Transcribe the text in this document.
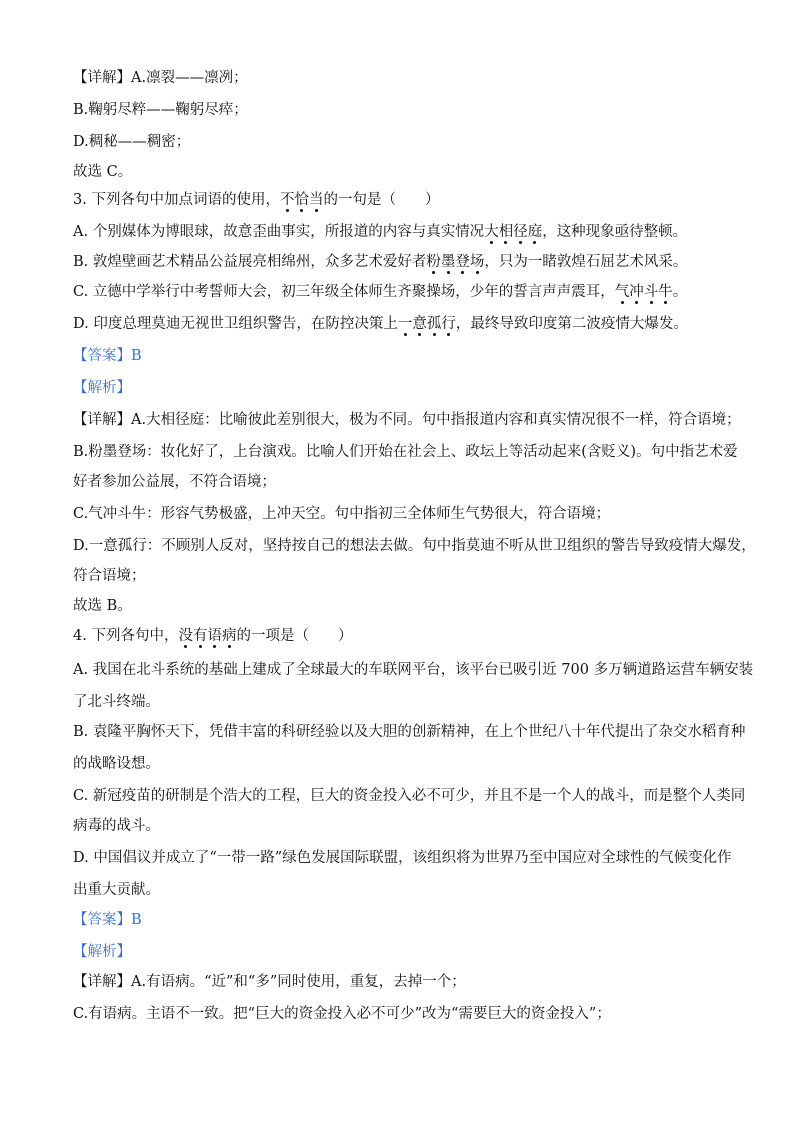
【详解】A.凛裂——凛冽；
B.鞠躬尽粹——鞠躬尽瘁；
D.稠秘——稠密；
故选 C。
3. 下列各句中加点词语的使用，不恰当的一句是（　　）
A. 个别媒体为博眼球，故意歪曲事实，所报道的内容与真实情况大相径庭，这种现象亟待整顿。
B. 敦煌壁画艺术精品公益展亮相绵州，众多艺术爱好者粉墨登场，只为一睹敦煌石屈艺术风采。
C. 立德中学举行中考誓师大会，初三年级全体师生齐聚操场，少年的誓言声声震耳，气冲斗牛。
D. 印度总理莫迪无视世卫组织警告，在防控决策上一意孤行，最终导致印度第二波疫情大爆发。
【答案】B
【解析】
【详解】A.大相径庭：比喻彼此差别很大，极为不同。句中指报道内容和真实情况很不一样，符合语境；
B.粉墨登场：妆化好了，上台演戏。比喻人们开始在社会上、政坛上等活动起来(含贬义)。句中指艺术爱
好者参加公益展，不符合语境；
C.气冲斗牛：形容气势极盛，上冲天空。句中指初三全体师生气势很大，符合语境；
D.一意孤行：不顾别人反对，坚持按自己的想法去做。句中指莫迪不听从世卫组织的警告导致疫情大爆发，
符合语境；
故选 B。
4. 下列各句中，没有语病的一项是（　　）
A. 我国在北斗系统的基础上建成了全球最大的车联网平台，该平台已吸引近 700 多万辆道路运营车辆安装
了北斗终端。
B. 袁隆平胸怀天下，凭借丰富的科研经验以及大胆的创新精神，在上个世纪八十年代提出了杂交水稻育种
的战略设想。
C. 新冠疫苗的研制是个浩大的工程，巨大的资金投入必不可少，并且不是一个人的战斗，而是整个人类同
病毒的战斗。
D. 中国倡议并成立了“一带一路”绿色发展国际联盟，该组织将为世界乃至中国应对全球性的气候变化作
出重大贡献。
【答案】B
【解析】
【详解】A.有语病。“近”和“多”同时使用，重复，去掉一个；
C.有语病。主语不一致。把“巨大的资金投入必不可少”改为“需要巨大的资金投入”；
